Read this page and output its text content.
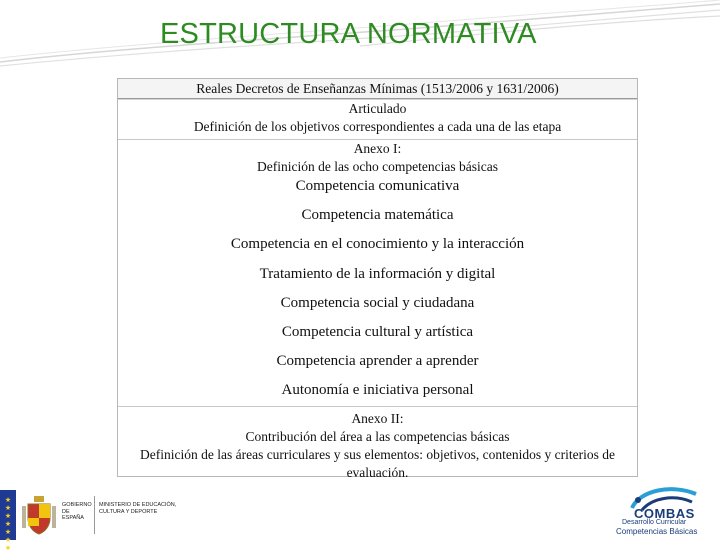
ESTRUCTURA NORMATIVA
Reales Decretos de Enseñanzas Mínimas (1513/2006 y 1631/2006)
Articulado
Definición de los objetivos correspondientes a cada una de las etapa
Anexo I:
Definición de las ocho competencias básicas
Competencia comunicativa
Competencia matemática
Competencia en el conocimiento y la interacción
Tratamiento de la información y digital
Competencia social y ciudadana
Competencia cultural y artística
Competencia aprender a aprender
Autonomía e iniciativa personal
Anexo II:
Contribución del área a las competencias básicas
Definición de las áreas curriculares y sus elementos: objetivos, contenidos y criterios de evaluación.
★
★ ★
★
★ ★
★
GOBIERNO DE ESPAÑA
MINISTERIO DE EDUCACIÓN, CULTURA Y DEPORTE	COMBAS
Desarrollo Curricular
Competencias Básicas
